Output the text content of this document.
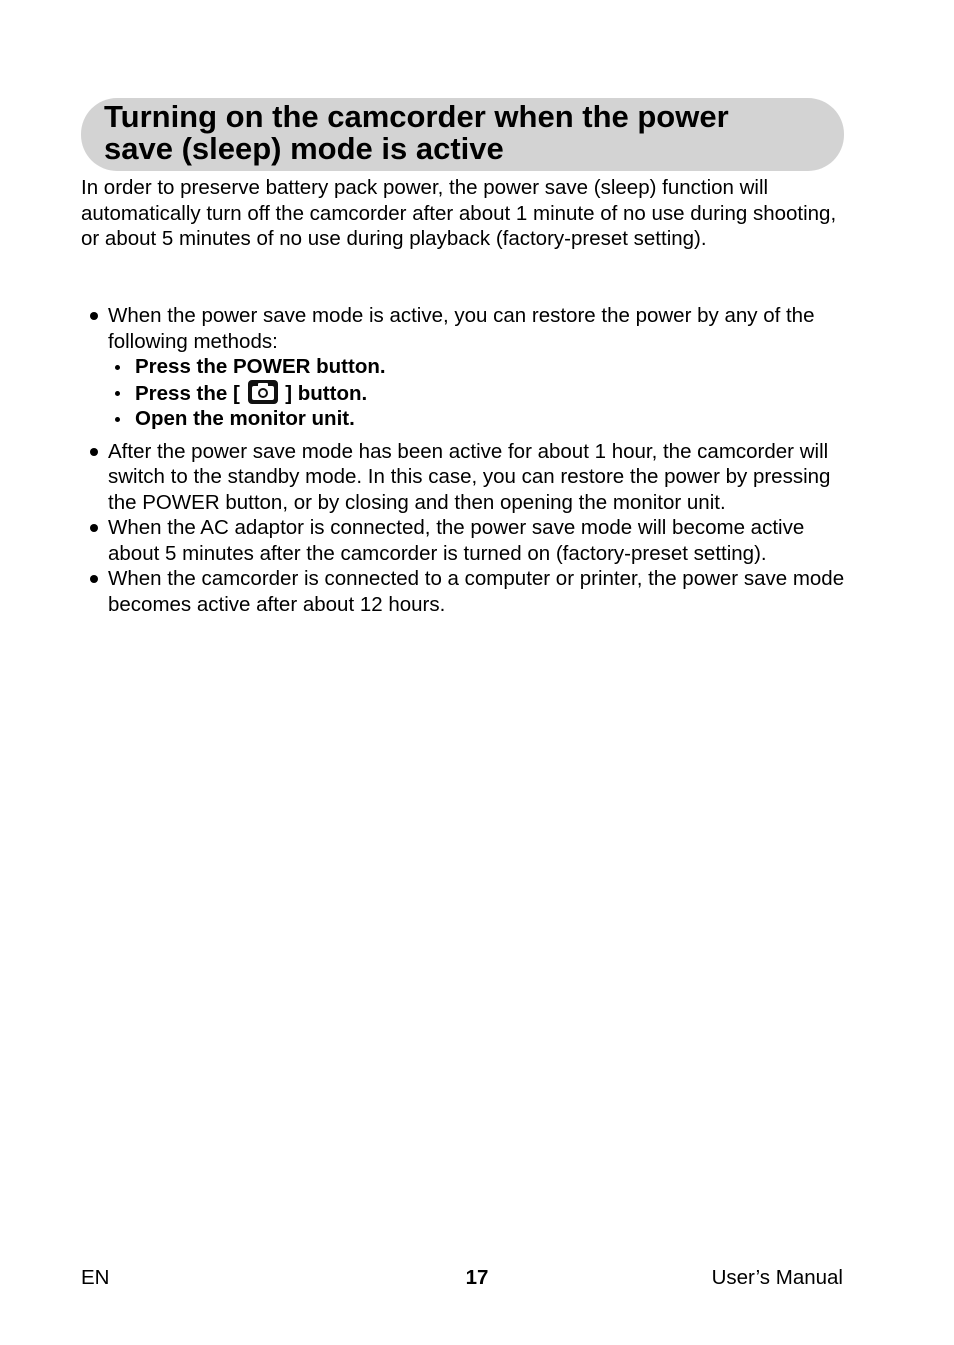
Turning on the camcorder when the power
save (sleep) mode is active

In order to preserve battery pack power, the power save (sleep) function will automatically turn off the camcorder after about 1 minute of no use during shooting, or about 5 minutes of no use during playback (factory-preset setting).

When the power save mode is active, you can restore the power by any of the following methods:
Press the POWER button.
Press the [ ] button.
Open the monitor unit.
After the power save mode has been active for about 1 hour, the camcorder will switch to the standby mode. In this case, you can restore the power by pressing the POWER button, or by closing and then opening the monitor unit.
When the AC adaptor is connected, the power save mode will become active about 5 minutes after the camcorder is turned on (factory-preset setting).
When the camcorder is connected to a computer or printer, the power save mode becomes active after about 12 hours.
EN	17	User’s Manual
